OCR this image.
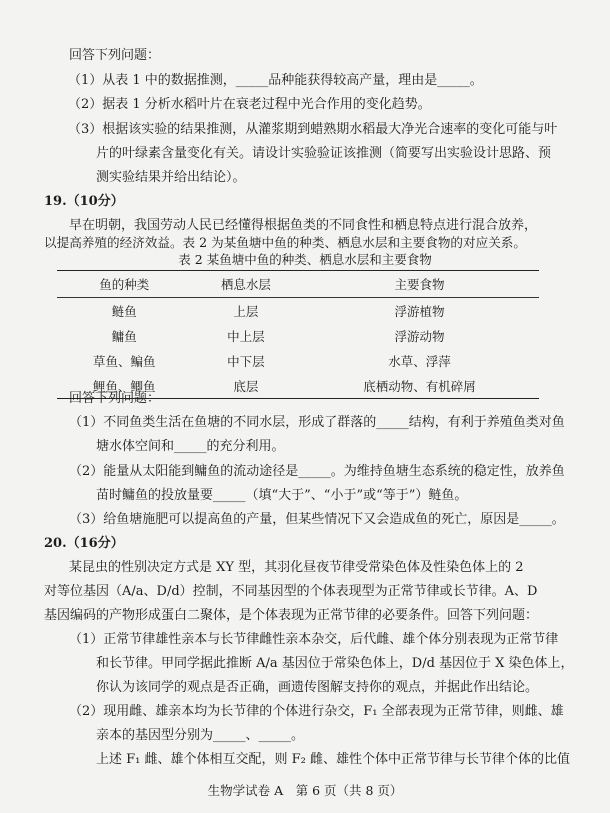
回答下列问题：
（1）从表 1 中的数据推测，_____品种能获得较高产量，理由是_____。
（2）据表 1 分析水稻叶片在衰老过程中光合作用的变化趋势。
（3）根据该实验的结果推测，从灌浆期到蜡熟期水稻最大净光合速率的变化可能与叶
片的叶绿素含量变化有关。请设计实验验证该推测（简要写出实验设计思路、预
测实验结果并给出结论）。
19.（10分）
早在明朝，我国劳动人民已经懂得根据鱼类的不同食性和栖息特点进行混合放养，
以提高养殖的经济效益。表 2 为某鱼塘中鱼的种类、栖息水层和主要食物的对应关系。
表 2 某鱼塘中鱼的种类、栖息水层和主要食物
鱼的种类	栖息水层	主要食物
鲢鱼	上层	浮游植物
鳙鱼	中上层	浮游动物
草鱼、鳊鱼	中下层	水草、浮萍
鲤鱼、鲫鱼	底层	底栖动物、有机碎屑
回答下列问题：
（1）不同鱼类生活在鱼塘的不同水层，形成了群落的_____结构，有利于养殖鱼类对鱼
塘水体空间和_____的充分利用。
（2）能量从太阳能到鳙鱼的流动途径是_____。为维持鱼塘生态系统的稳定性，放养鱼
苗时鳙鱼的投放量要_____（填“大于”、“小于”或“等于”）鲢鱼。
（3）给鱼塘施肥可以提高鱼的产量，但某些情况下又会造成鱼的死亡，原因是_____。
20.（16分）
某昆虫的性别决定方式是 XY 型，其羽化昼夜节律受常染色体及性染色体上的 2
对等位基因（A/a、D/d）控制，不同基因型的个体表现型为正常节律或长节律。A、D
基因编码的产物形成蛋白二聚体，是个体表现为正常节律的必要条件。回答下列问题：
（1）正常节律雄性亲本与长节律雌性亲本杂交，后代雌、雄个体分别表现为正常节律
和长节律。甲同学据此推断 A/a 基因位于常染色体上，D/d 基因位于 X 染色体上，
你认为该同学的观点是否正确，画遗传图解支持你的观点，并据此作出结论。
（2）现用雌、雄亲本均为长节律的个体进行杂交，F₁ 全部表现为正常节律，则雌、雄
亲本的基因型分别为_____、_____。
上述 F₁ 雌、雄个体相互交配，则 F₂ 雌、雄性个体中正常节律与长节律个体的比值
生物学试卷 A　第 6 页（共 8 页）
